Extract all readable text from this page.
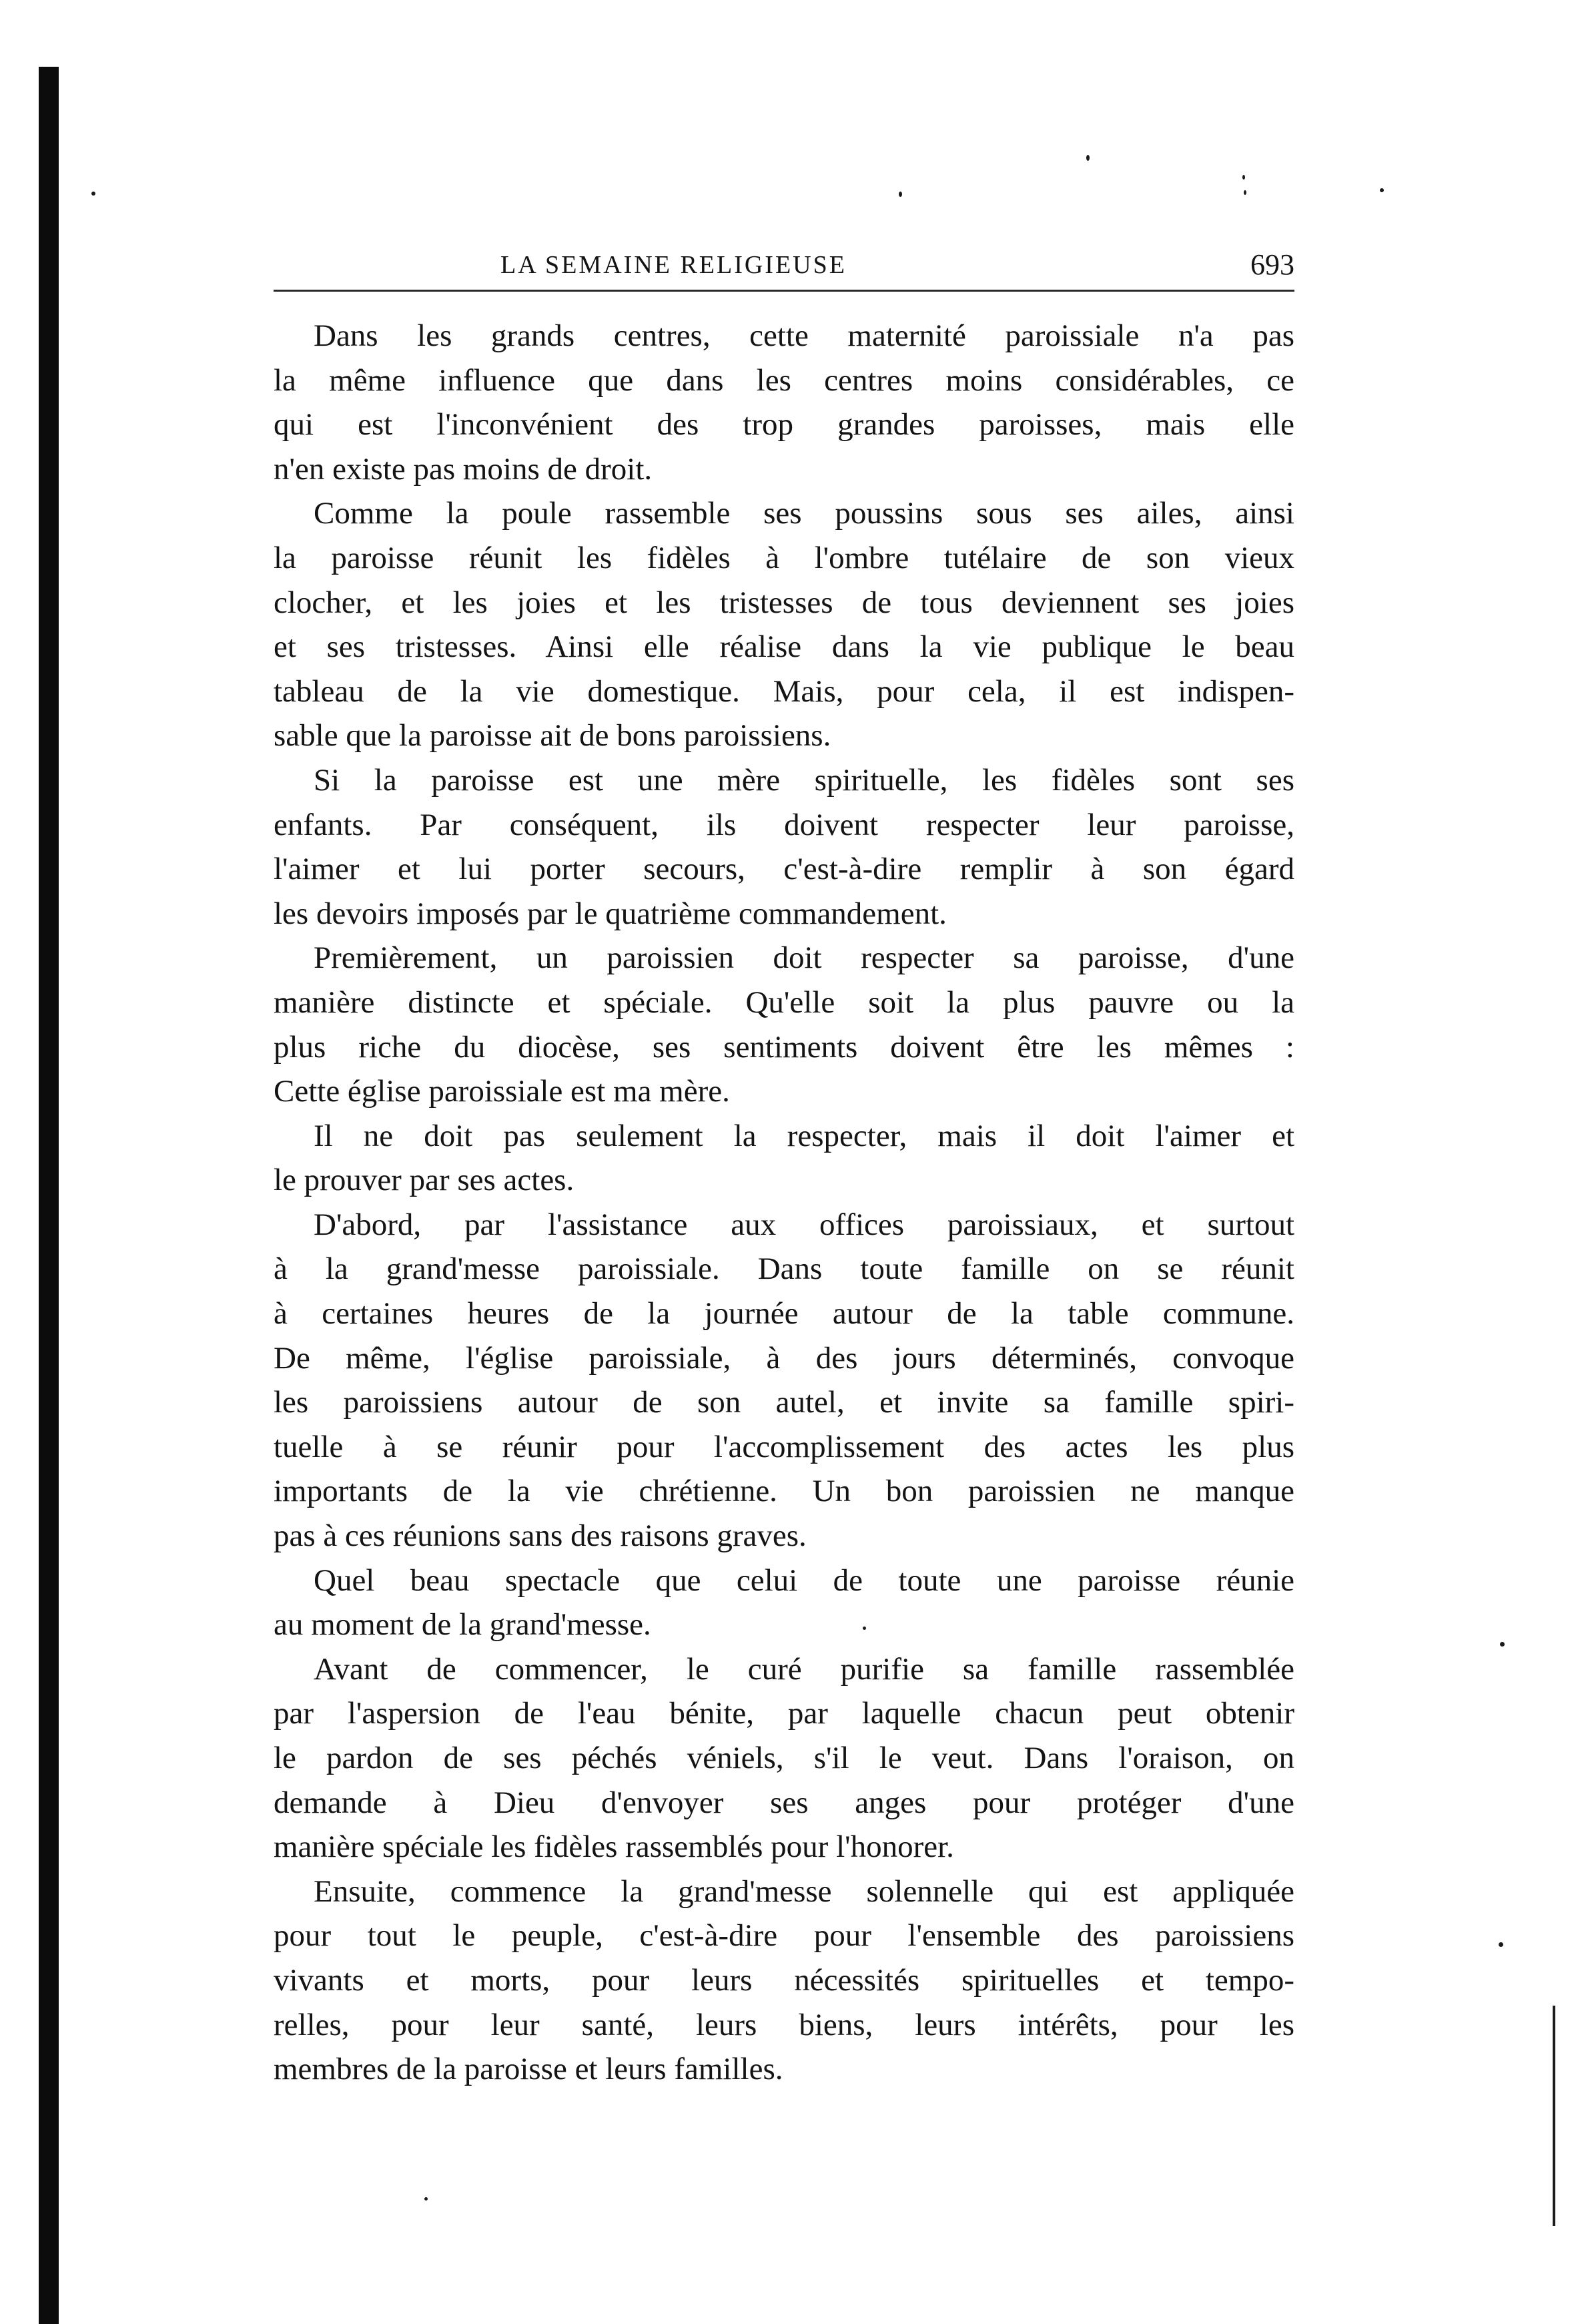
LA SEMAINE RELIGIEUSE	693

Dans les grands centres, cette maternité paroissiale n'a pas
la même influence que dans les centres moins considérables, ce
qui est l'inconvénient des trop grandes paroisses, mais elle
n'en existe pas moins de droit.

Comme la poule rassemble ses poussins sous ses ailes, ainsi
la paroisse réunit les fidèles à l'ombre tutélaire de son vieux
clocher, et les joies et les tristesses de tous deviennent ses joies
et ses tristesses. Ainsi elle réalise dans la vie publique le beau
tableau de la vie domestique. Mais, pour cela, il est indispen-
sable que la paroisse ait de bons paroissiens.

Si la paroisse est une mère spirituelle, les fidèles sont ses
enfants. Par conséquent, ils doivent respecter leur paroisse,
l'aimer et lui porter secours, c'est-à-dire remplir à son égard
les devoirs imposés par le quatrième commandement.

Premièrement, un paroissien doit respecter sa paroisse, d'une
manière distincte et spéciale. Qu'elle soit la plus pauvre ou la
plus riche du diocèse, ses sentiments doivent être les mêmes :
Cette église paroissiale est ma mère.

Il ne doit pas seulement la respecter, mais il doit l'aimer et
le prouver par ses actes.

D'abord, par l'assistance aux offices paroissiaux, et surtout
à la grand'messe paroissiale. Dans toute famille on se réunit
à certaines heures de la journée autour de la table commune.
De même, l'église paroissiale, à des jours déterminés, convoque
les paroissiens autour de son autel, et invite sa famille spiri-
tuelle à se réunir pour l'accomplissement des actes les plus
importants de la vie chrétienne. Un bon paroissien ne manque
pas à ces réunions sans des raisons graves.

Quel beau spectacle que celui de toute une paroisse réunie
au moment de la grand'messe.

Avant de commencer, le curé purifie sa famille rassemblée
par l'aspersion de l'eau bénite, par laquelle chacun peut obtenir
le pardon de ses péchés véniels, s'il le veut. Dans l'oraison, on
demande à Dieu d'envoyer ses anges pour protéger d'une
manière spéciale les fidèles rassemblés pour l'honorer.

Ensuite, commence la grand'messe solennelle qui est appliquée
pour tout le peuple, c'est-à-dire pour l'ensemble des paroissiens
vivants et morts, pour leurs nécessités spirituelles et tempo-
relles, pour leur santé, leurs biens, leurs intérêts, pour les
membres de la paroisse et leurs familles.
